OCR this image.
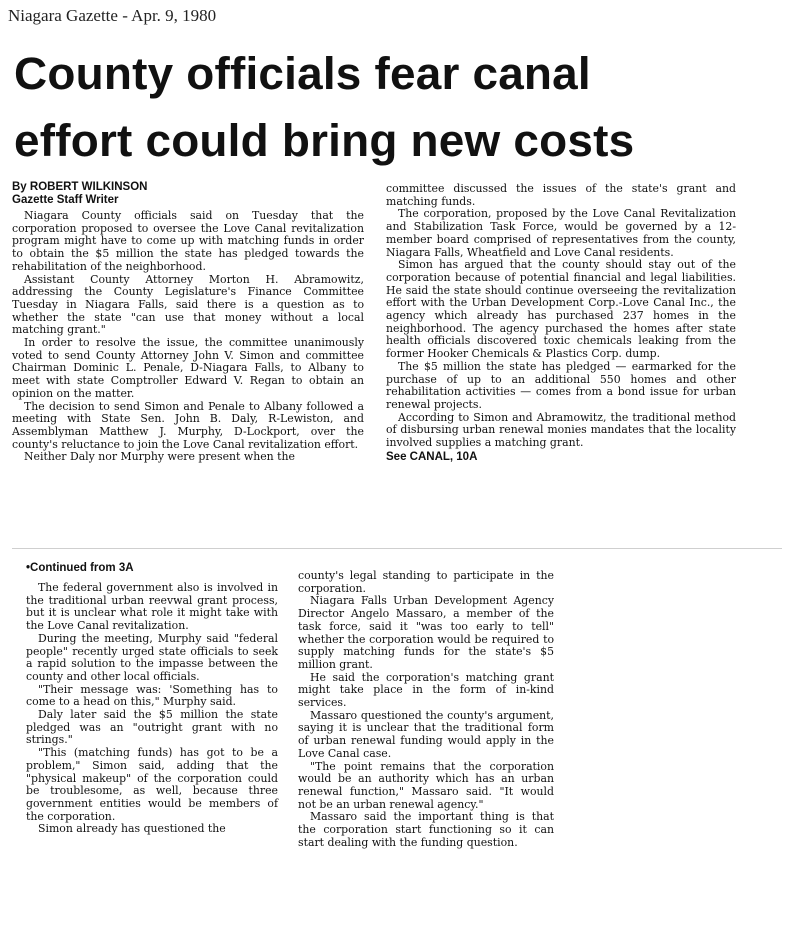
Niagara Gazette - Apr. 9, 1980
County officials fear canal
effort could bring new costs
By ROBERT WILKINSON
Gazette Staff Writer

Niagara County officials said on Tuesday that the corporation proposed to oversee the Love Canal revitalization program might have to come up with matching funds in order to obtain the $5 million the state has pledged towards the rehabilitation of the neighborhood.

Assistant County Attorney Morton H. Abramowitz, addressing the County Legislature's Finance Committee Tuesday in Niagara Falls, said there is a question as to whether the state "can use that money without a local matching grant."

In order to resolve the issue, the committee unanimously voted to send County Attorney John V. Simon and committee Chairman Dominic L. Penale, D-Niagara Falls, to Albany to meet with state Comptroller Edward V. Regan to obtain an opinion on the matter.

The decision to send Simon and Penale to Albany followed a meeting with State Sen. John B. Daly, R-Lewiston, and Assemblyman Matthew J. Murphy, D-Lockport, over the county's reluctance to join the Love Canal revitalization effort.

Neither Daly nor Murphy were present when the

committee discussed the issues of the state's grant and matching funds.

The corporation, proposed by the Love Canal Revitalization and Stabilization Task Force, would be governed by a 12-member board comprised of representatives from the county, Niagara Falls, Wheatfield and Love Canal residents.

Simon has argued that the county should stay out of the corporation because of potential financial and legal liabilities. He said the state should continue overseeing the revitalization effort with the Urban Development Corp.-Love Canal Inc., the agency which already has purchased 237 homes in the neighborhood. The agency purchased the homes after state health officials discovered toxic chemicals leaking from the former Hooker Chemicals & Plastics Corp. dump.

The $5 million the state has pledged — earmarked for the purchase of up to an additional 550 homes and other rehabilitation activities — comes from a bond issue for urban renewal projects.

According to Simon and Abramowitz, the traditional method of disbursing urban renewal monies mandates that the locality involved supplies a matching grant.

See CANAL, 10A
•Continued from 3A

The federal government also is involved in the traditional urban reevwal grant process, but it is unclear what role it might take with the Love Canal revitalization.

During the meeting, Murphy said "federal people" recently urged state officials to seek a rapid solution to the impasse between the county and other local officials.

"Their message was: 'Something has to come to a head on this," Murphy said.

Daly later said the $5 million the state pledged was an "outright grant with no strings."

"This (matching funds) has got to be a problem," Simon said, adding that the "physical makeup" of the corporation could be troublesome, as well, because three government entities would be members of the corporation.

Simon already has questioned the

county's legal standing to participate in the corporation.

Niagara Falls Urban Development Agency Director Angelo Massaro, a member of the task force, said it "was too early to tell" whether the corporation would be required to supply matching funds for the state's $5 million grant.

He said the corporation's matching grant might take place in the form of in-kind services.

Massaro questioned the county's argument, saying it is unclear that the traditional form of urban renewal funding would apply in the Love Canal case.

"The point remains that the corporation would be an authority which has an urban renewal function," Massaro said. "It would not be an urban renewal agency."

Massaro said the important thing is that the corporation start functioning so it can start dealing with the funding question.
